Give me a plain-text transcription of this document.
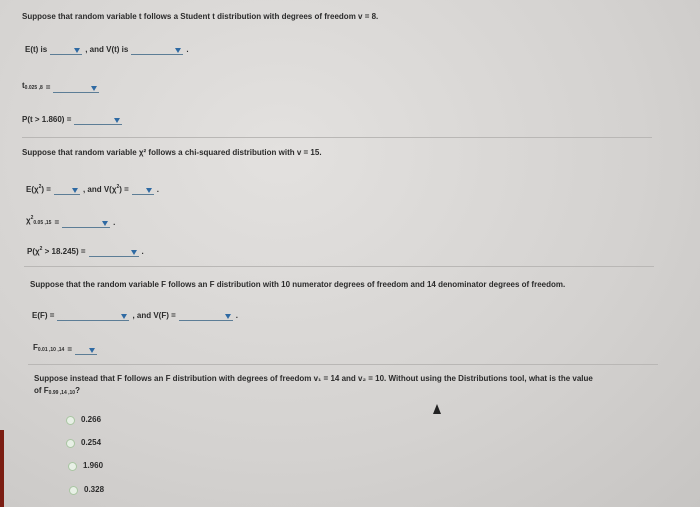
Suppose that random variable t follows a Student t distribution with degrees of freedom v = 8.
E(t) is	, and V(t) is	.
$t_{0.025 ,8}$ =
P(t > 1.860) =
Suppose that random variable χ² follows a chi-squared distribution with v = 15.
$E(\chi^2)$ =	, and $V(\chi^2)$ =	.
$\chi^2_{0.05 ,15}$ =	.
$P(\chi^2 > 18.245)$ =	.
Suppose that the random variable F follows an F distribution with 10 numerator degrees of freedom and 14 denominator degrees of freedom.
E(F) =	, and V(F) =	.
$F_{0.01 ,10 ,14}$ =
Suppose instead that F follows an F distribution with degrees of freedom v₁ = 14 and v₂ = 10. Without using the Distributions tool, what is the value
of $F_{0.99 ,14 ,10}$?
0.266
0.254
1.960
0.328
